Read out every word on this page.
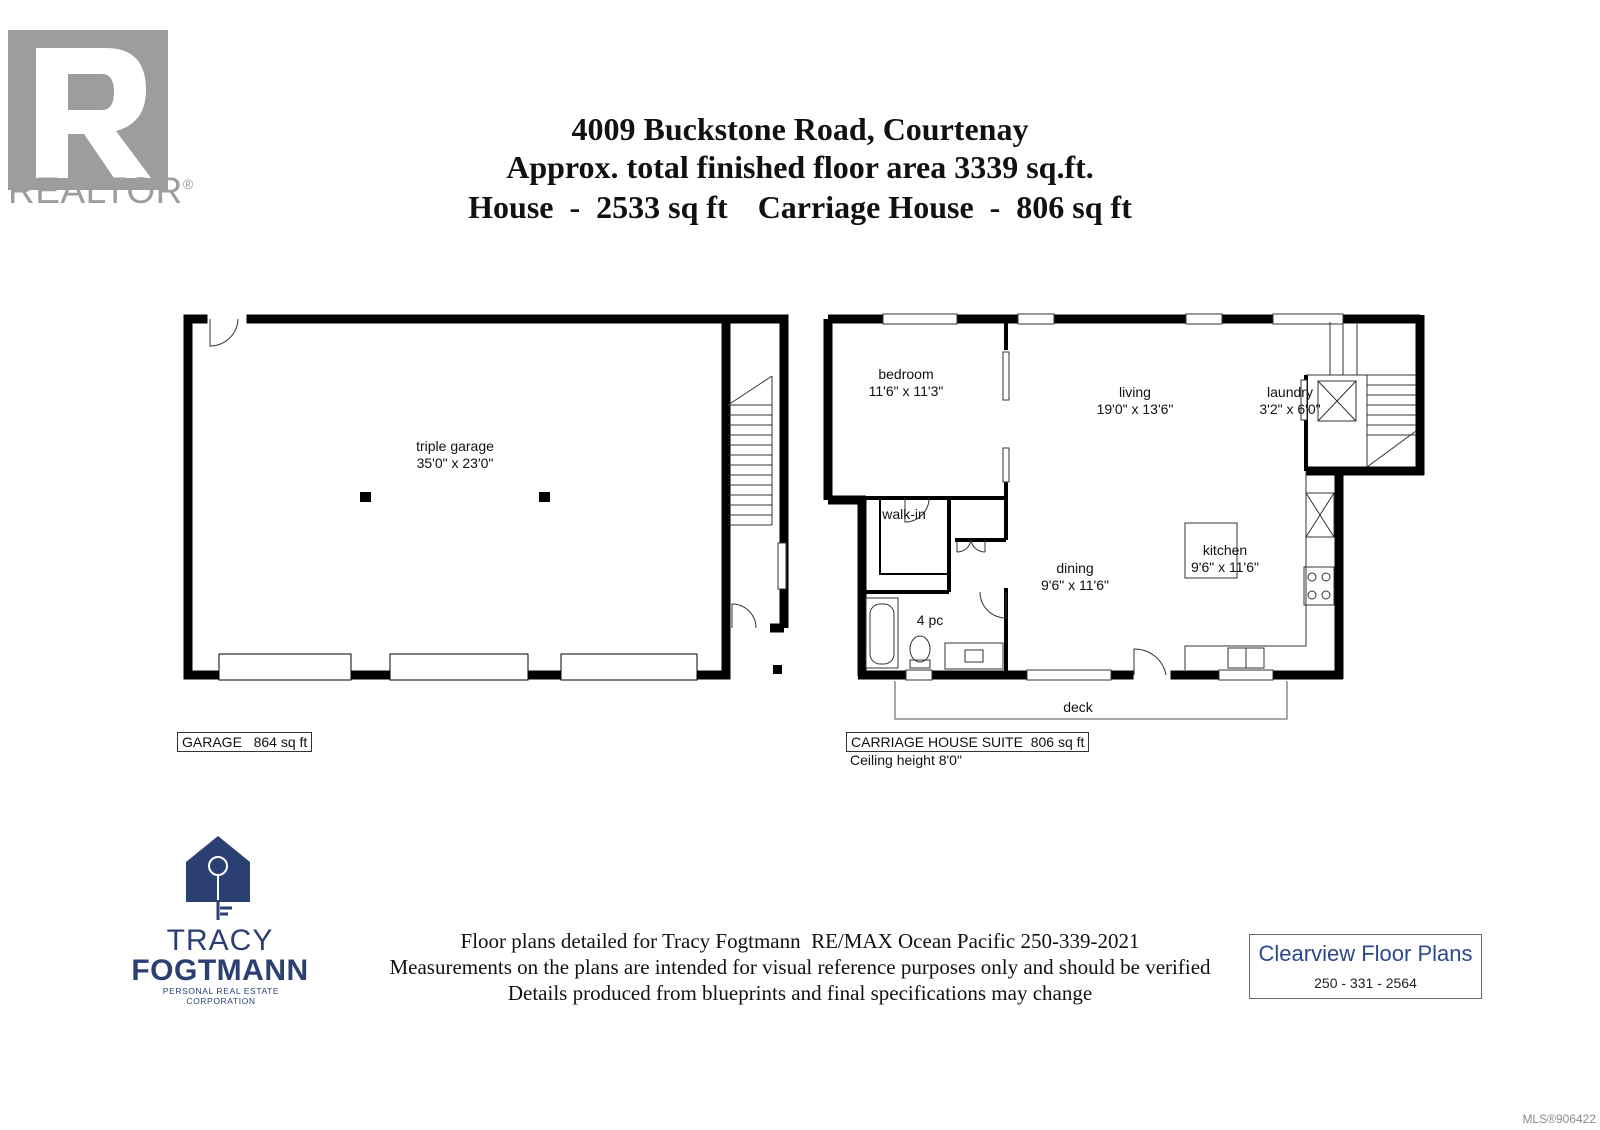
REALTOR®
4009 Buckstone Road, Courtenay
Approx. total finished floor area 3339 sq.ft.
House  -  2533 sq ft Carriage House  -  806 sq ft
triple garage
35'0" x 23'0"
GARAGE   864 sq ft
bedroom
11'6" x 11'3"	living
19'0" x 13'6"
laundry
3'2" x 6'0"
walk-in
dining
9'6" x 11'6"
kitchen
9'6" x 11'6"
4 pc
deck
CARRIAGE HOUSE SUITE  806 sq ft
Ceiling height 8'0"
TRACY
FOGTMANN
PERSONAL REAL ESTATE CORPORATION
Floor plans detailed for Tracy Fogtmann  RE/MAX Ocean Pacific 250-339-2021
Measurements on the plans are intended for visual reference purposes only and should be verified
Details produced from blueprints and final specifications may change
Clearview Floor Plans
250 - 331 - 2564
MLS®906422
